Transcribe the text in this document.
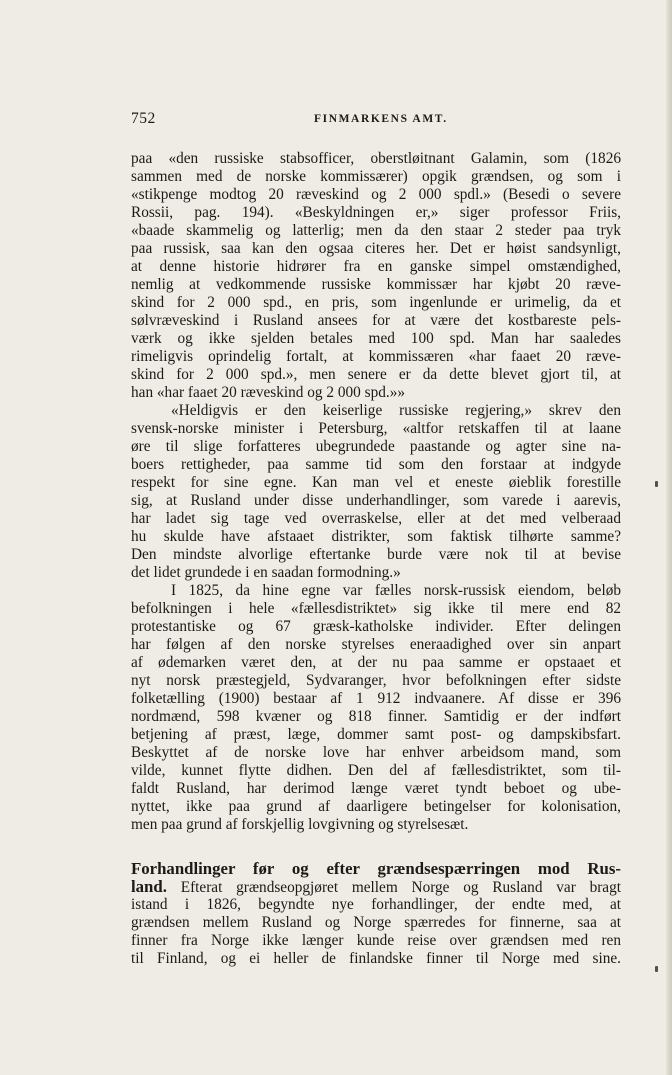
752	FINMARKENS AMT.
paa «den russiske stabsofficer, oberstløitnant Galamin, som (1826
sammen med de norske kommissærer) opgik grændsen, og som i
«stikpenge modtog 20 ræveskind og 2 000 spdl.» (Besedi o severe
Rossii, pag. 194). «Beskyldningen er,» siger professor Friis,
«baade skammelig og latterlig; men da den staar 2 steder paa tryk
paa russisk, saa kan den ogsaa citeres her. Det er høist sandsynligt,
at denne historie hidrører fra en ganske simpel omstændighed,
nemlig at vedkommende russiske kommissær har kjøbt 20 ræve-
skind for 2 000 spd., en pris, som ingenlunde er urimelig, da et
sølvræveskind i Rusland ansees for at være det kostbareste pels-
værk og ikke sjelden betales med 100 spd. Man har saaledes
rimeligvis oprindelig fortalt, at kommissæren «har faaet 20 ræve-
skind for 2 000 spd.», men senere er da dette blevet gjort til, at
han «har faaet 20 ræveskind og 2 000 spd.»»
«Heldigvis er den keiserlige russiske regjering,» skrev den
svensk-norske minister i Petersburg, «altfor retskaffen til at laane
øre til slige forfatteres ubegrundede paastande og agter sine na-
boers rettigheder, paa samme tid som den forstaar at indgyde
respekt for sine egne. Kan man vel et eneste øieblik forestille
sig, at Rusland under disse underhandlinger, som varede i aarevis,
har ladet sig tage ved overraskelse, eller at det med velberaad
hu skulde have afstaaet distrikter, som faktisk tilhørte samme?
Den mindste alvorlige eftertanke burde være nok til at bevise
det lidet grundede i en saadan formodning.»
I 1825, da hine egne var fælles norsk-russisk eiendom, beløb
befolkningen i hele «fællesdistriktet» sig ikke til mere end 82
protestantiske og 67 græsk-katholske individer. Efter delingen
har følgen af den norske styrelses eneraadighed over sin anpart
af ødemarken været den, at der nu paa samme er opstaaet et
nyt norsk præstegjeld, Sydvaranger, hvor befolkningen efter sidste
folketælling (1900) bestaar af 1 912 indvaanere. Af disse er 396
nordmænd, 598 kvæner og 818 finner. Samtidig er der indført
betjening af præst, læge, dommer samt post- og dampskibsfart.
Beskyttet af de norske love har enhver arbeidsom mand, som
vilde, kunnet flytte didhen. Den del af fællesdistriktet, som til-
faldt Rusland, har derimod længe været tyndt beboet og ube-
nyttet, ikke paa grund af daarligere betingelser for kolonisation,
men paa grund af forskjellig lovgivning og styrelsesæt.
Forhandlinger før og efter grændsespærringen mod Rus-
land. Efterat grændseopgjøret mellem Norge og Rusland var bragt
istand i 1826, begyndte nye forhandlinger, der endte med, at
grændsen mellem Rusland og Norge spærredes for finnerne, saa at
finner fra Norge ikke længer kunde reise over grændsen med ren
til Finland, og ei heller de finlandske finner til Norge med sine.
